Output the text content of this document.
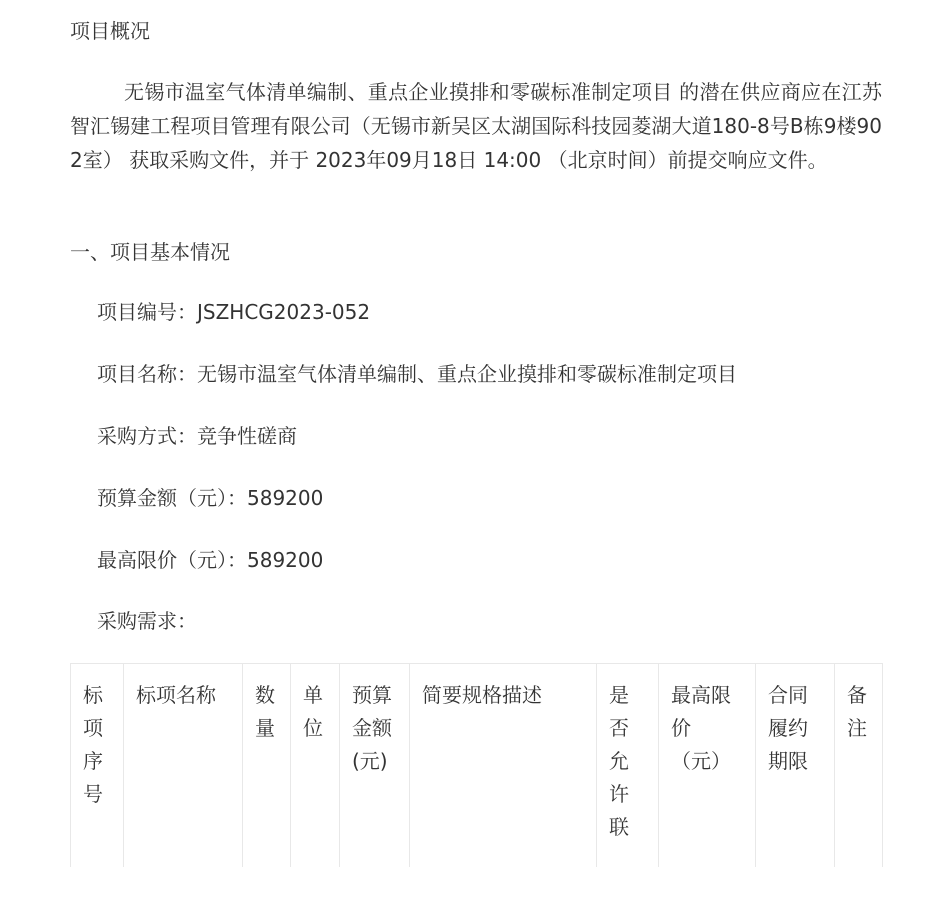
项目概况
无锡市温室气体清单编制、重点企业摸排和零碳标准制定项目 的潜在供应商应在江苏智汇锡建工程项目管理有限公司（无锡市新吴区太湖国际科技园菱湖大道180-8号B栋9楼902室） 获取采购文件，并于 2023年09月18日 14:00 （北京时间）前提交响应文件。
一、项目基本情况
项目编号：JSZHCG2023-052
项目名称：无锡市温室气体清单编制、重点企业摸排和零碳标准制定项目
采购方式：竞争性磋商
预算金额（元）：589200
最高限价（元）：589200
采购需求：
标项序号	标项名称	数量	单位	预算金额(元)	简要规格描述	是否允许联	最高限价 （元）	合同履约期限	备注
